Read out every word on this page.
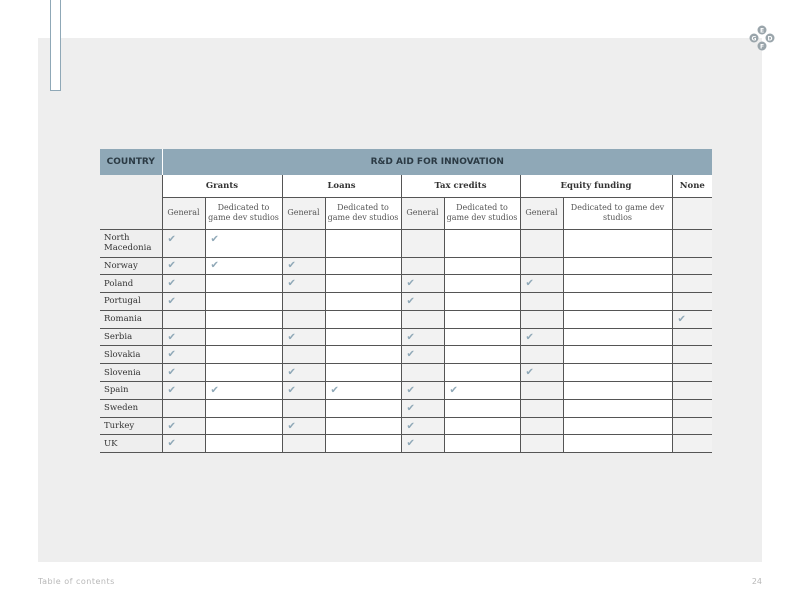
E
G D
F
COUNTRY	R&D AID FOR INNOVATION								
	Grants		Loans		Tax credits		Equity funding		None
	General	Dedicated to game dev studios	General	Dedicated to game dev studios	General	Dedicated to game dev studios	General	Dedicated to game dev studios	
North Macedonia	✔	✔							
Norway	✔	✔	✔						
Poland	✔		✔		✔		✔		
Portugal	✔				✔				
Romania									✔
Serbia	✔		✔		✔		✔		
Slovakia	✔				✔				
Slovenia	✔		✔				✔		
Spain	✔	✔	✔	✔	✔	✔			
Sweden					✔				
Turkey	✔		✔		✔				
UK	✔				✔				
Table of contents	24
